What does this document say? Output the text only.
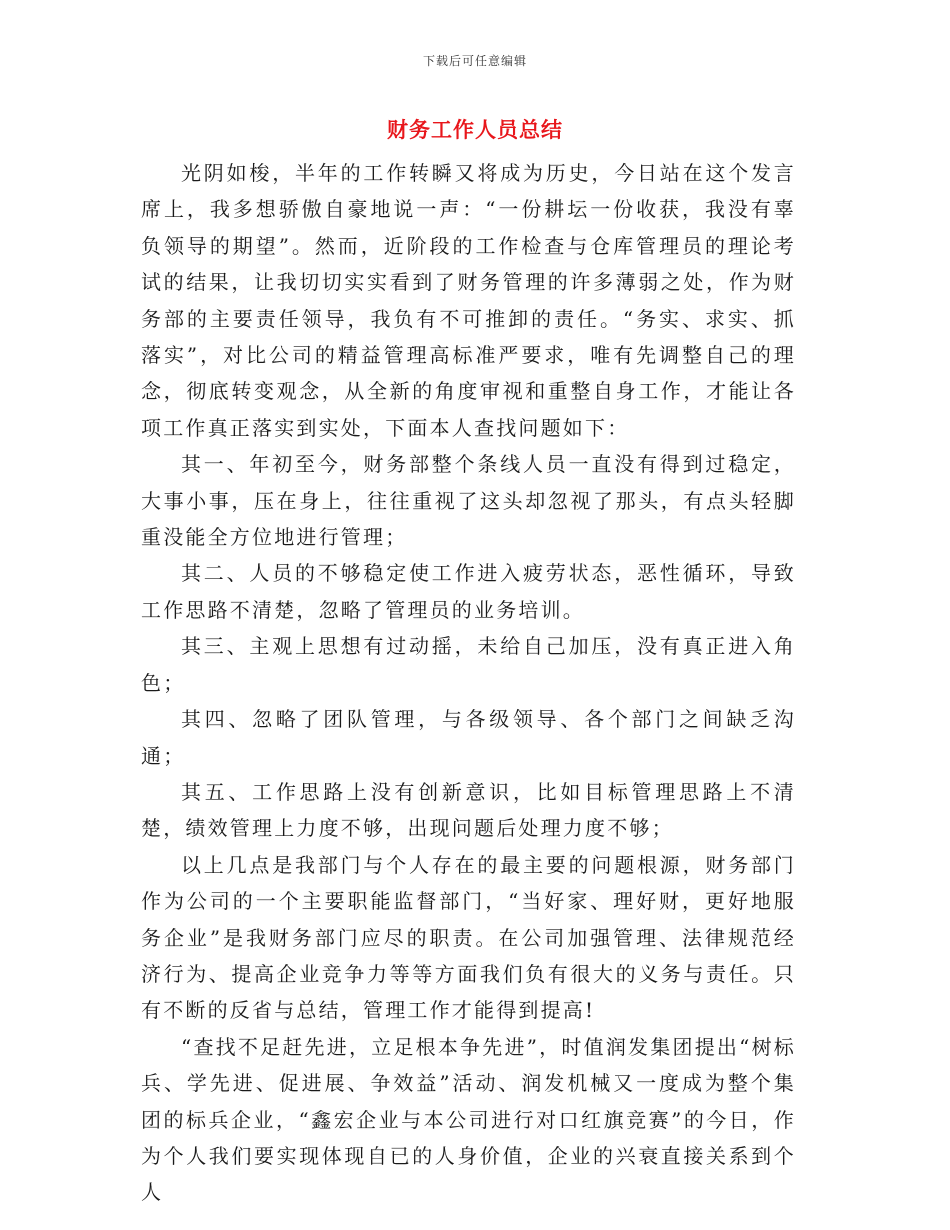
下载后可任意编辑
财务工作人员总结

光阴如梭，半年的工作转瞬又将成为历史，今日站在这个发言席上，我多想骄傲自豪地说一声：“一份耕坛一份收获，我没有辜负领导的期望”。然而，近阶段的工作检查与仓库管理员的理论考试的结果，让我切切实实看到了财务管理的许多薄弱之处，作为财务部的主要责任领导，我负有不可推卸的责任。“务实、求实、抓落实”，对比公司的精益管理高标准严要求，唯有先调整自己的理念，彻底转变观念，从全新的角度审视和重整自身工作，才能让各项工作真正落实到实处，下面本人查找问题如下：

其一、年初至今，财务部整个条线人员一直没有得到过稳定，大事小事，压在身上，往往重视了这头却忽视了那头，有点头轻脚重没能全方位地进行管理；

其二、人员的不够稳定使工作进入疲劳状态，恶性循环，导致工作思路不清楚，忽略了管理员的业务培训。

其三、主观上思想有过动摇，未给自己加压，没有真正进入角色；

其四、忽略了团队管理，与各级领导、各个部门之间缺乏沟通；

其五、工作思路上没有创新意识，比如目标管理思路上不清楚，绩效管理上力度不够，出现问题后处理力度不够；

以上几点是我部门与个人存在的最主要的问题根源，财务部门作为公司的一个主要职能监督部门，“当好家、理好财，更好地服务企业”是我财务部门应尽的职责。在公司加强管理、法律规范经济行为、提高企业竞争力等等方面我们负有很大的义务与责任。只有不断的反省与总结，管理工作才能得到提高!

“查找不足赶先进，立足根本争先进”，时值润发集团提出“树标兵、学先进、促进展、争效益”活动、润发机械又一度成为整个集团的标兵企业，“鑫宏企业与本公司进行对口红旗竞赛”的今日，作为个人我们要实现体现自已的人身价值，企业的兴衰直接关系到个人
